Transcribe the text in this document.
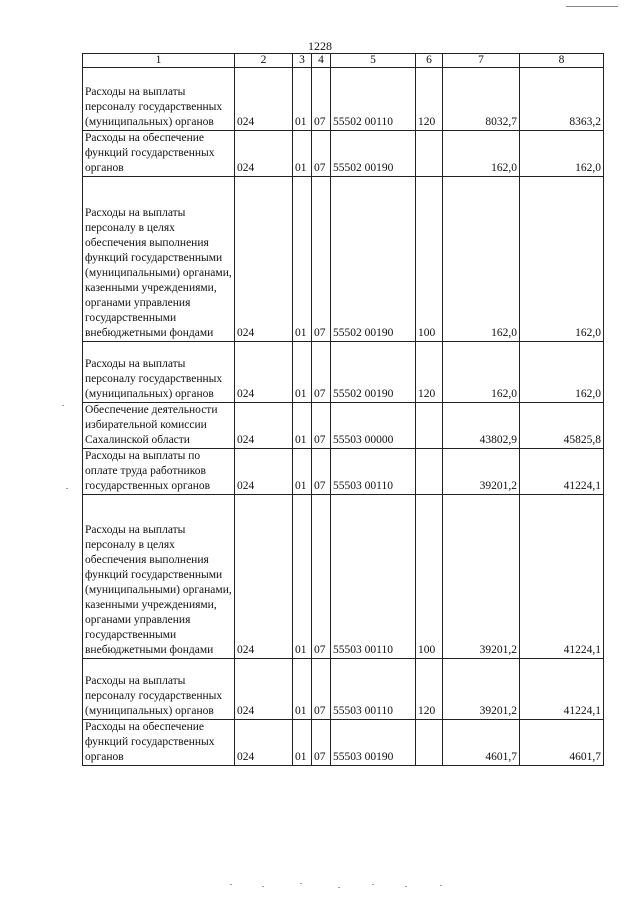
1228
1	2	3	4	5	6	7	8
Расходы на выплаты персоналу государственных (муниципальных) органов	024	01	07	55502 00110	120	8032,7	8363,2
Расходы на обеспечение функций государственных органов	024	01	07	55502 00190		162,0	162,0
Расходы на выплаты персоналу в целях обеспечения выполнения функций государственными (муниципальными) органами, казенными учреждениями, органами управления государственными внебюджетными фондами	024	01	07	55502 00190	100	162,0	162,0
Расходы на выплаты персоналу государственных (муниципальных) органов	024	01	07	55502 00190	120	162,0	162,0
Обеспечение деятельности избирательной комиссии Сахалинской области	024	01	07	55503 00000		43802,9	45825,8
Расходы на выплаты по оплате труда работников государственных органов	024	01	07	55503 00110		39201,2	41224,1
Расходы на выплаты персоналу в целях обеспечения выполнения функций государственными (муниципальными) органами, казенными учреждениями, органами управления государственными внебюджетными фондами	024	01	07	55503 00110	100	39201,2	41224,1
Расходы на выплаты персоналу государственных (муниципальных) органов	024	01	07	55503 00110	120	39201,2	41224,1
Расходы на обеспечение функций государственных органов	024	01	07	55503 00190		4601,7	4601,7
